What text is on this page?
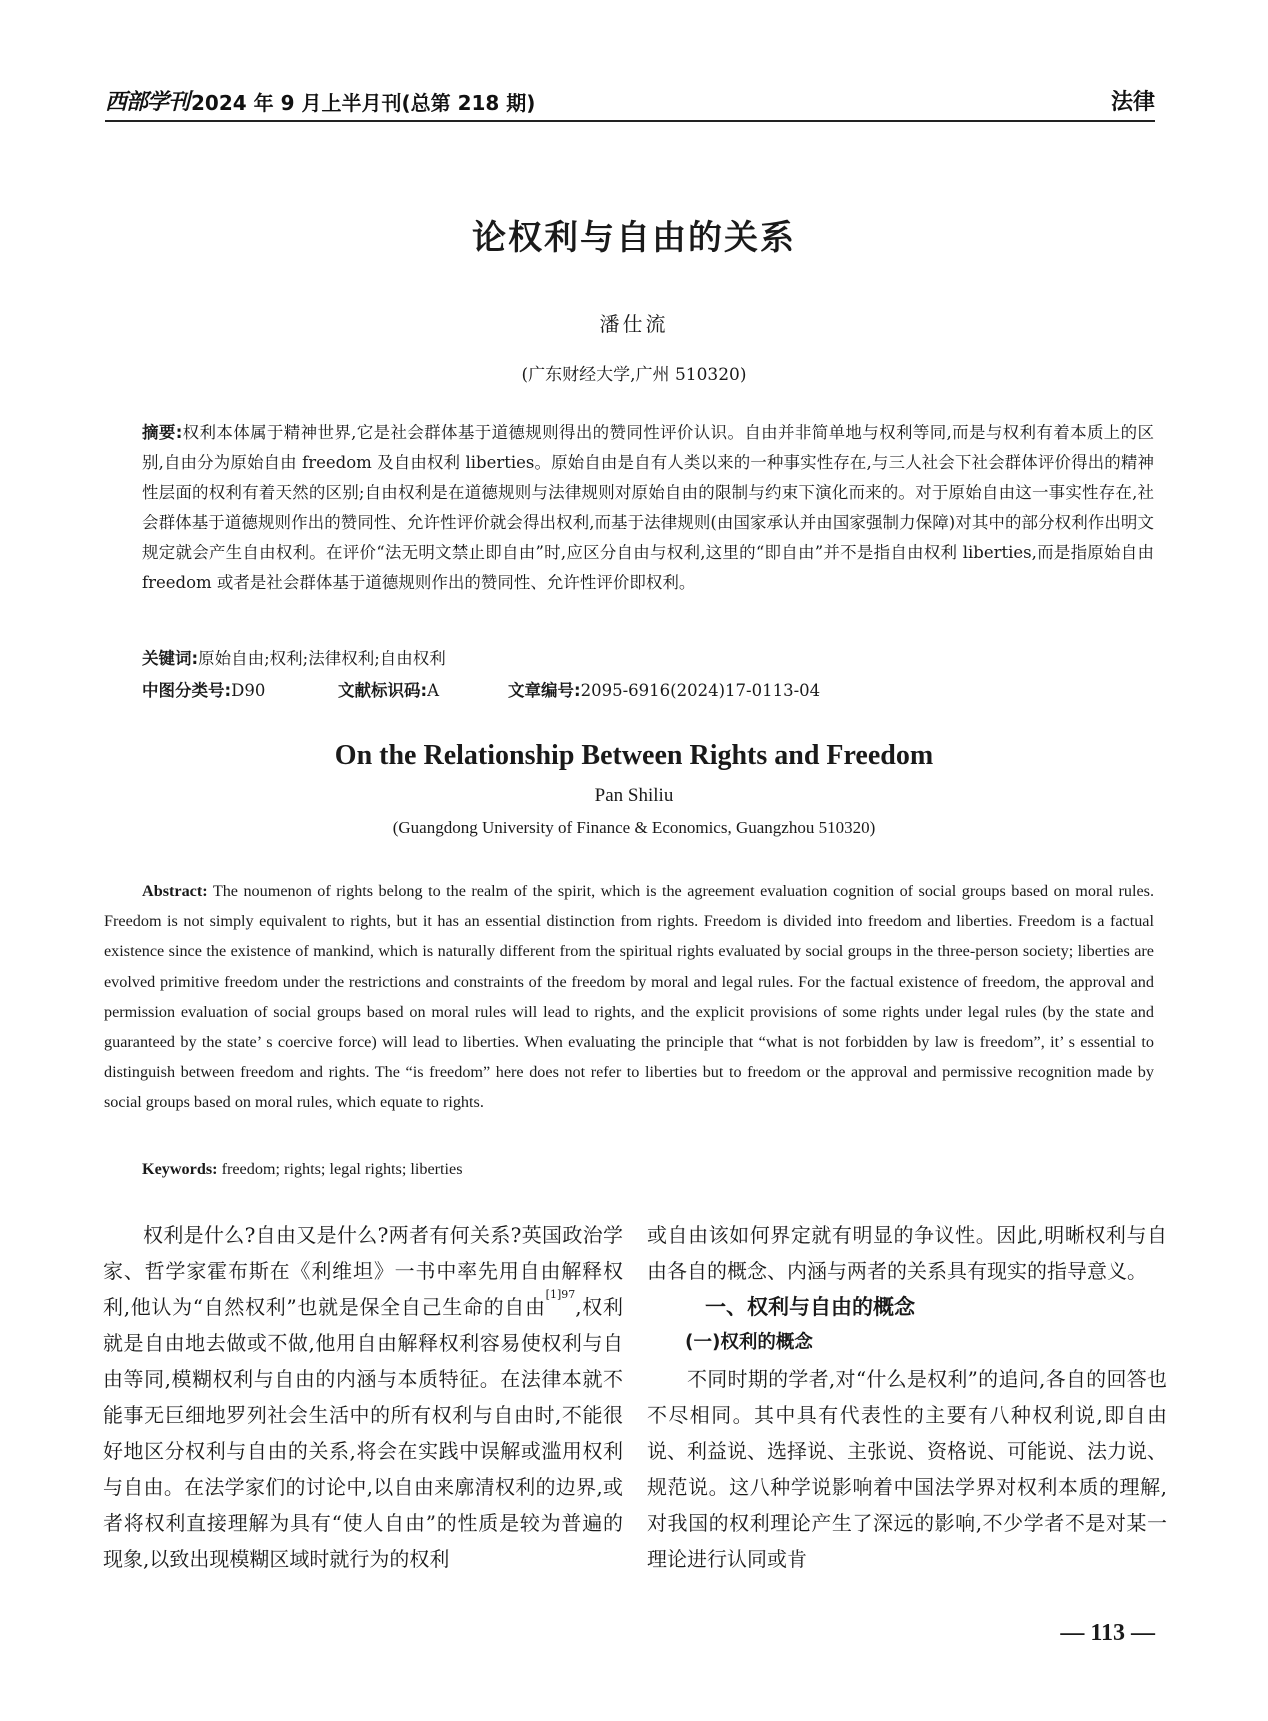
西部学刊 2024 年 9 月上半月刊(总第 218 期)	法律
论权利与自由的关系
潘仕流
(广东财经大学,广州 510320)
摘要:权利本体属于精神世界,它是社会群体基于道德规则得出的赞同性评价认识。自由并非简单地与权利等同,而是与权利有着本质上的区别,自由分为原始自由 freedom 及自由权利 liberties。原始自由是自有人类以来的一种事实性存在,与三人社会下社会群体评价得出的精神性层面的权利有着天然的区别;自由权利是在道德规则与法律规则对原始自由的限制与约束下演化而来的。对于原始自由这一事实性存在,社会群体基于道德规则作出的赞同性、允许性评价就会得出权利,而基于法律规则(由国家承认并由国家强制力保障)对其中的部分权利作出明文规定就会产生自由权利。在评价“法无明文禁止即自由”时,应区分自由与权利,这里的“即自由”并不是指自由权利 liberties,而是指原始自由 freedom 或者是社会群体基于道德规则作出的赞同性、允许性评价即权利。
关键词:原始自由;权利;法律权利;自由权利
中图分类号:D90	文献标识码:A	文章编号:2095-6916(2024)17-0113-04
On the Relationship Between Rights and Freedom
Pan Shiliu
(Guangdong University of Finance & Economics, Guangzhou 510320)
Abstract: The noumenon of rights belong to the realm of the spirit, which is the agreement evaluation cognition of social groups based on moral rules. Freedom is not simply equivalent to rights, but it has an essential distinction from rights. Freedom is divided into freedom and liberties. Freedom is a factual existence since the existence of mankind, which is naturally different from the spiritual rights evaluated by social groups in the three-person society; liberties are evolved primitive freedom under the restrictions and constraints of the freedom by moral and legal rules. For the factual existence of freedom, the approval and permission evaluation of social groups based on moral rules will lead to rights, and the explicit provisions of some rights under legal rules (by the state and guaranteed by the state’ s coercive force) will lead to liberties. When evaluating the principle that “what is not forbidden by law is freedom”, it’ s essential to distinguish between freedom and rights. The “is freedom” here does not refer to liberties but to freedom or the approval and permissive recognition made by social groups based on moral rules, which equate to rights.
Keywords: freedom; rights; legal rights; liberties

权利是什么?自由又是什么?两者有何关系?英国政治学家、哲学家霍布斯在《利维坦》一书中率先用自由解释权利,他认为“自然权利”也就是保全自己生命的自由$^{[1]97}$,权利就是自由地去做或不做,他用自由解释权利容易使权利与自由等同,模糊权利与自由的内涵与本质特征。在法律本就不能事无巨细地罗列社会生活中的所有权利与自由时,不能很好地区分权利与自由的关系,将会在实践中误解或滥用权利与自由。在法学家们的讨论中,以自由来廓清权利的边界,或者将权利直接理解为具有“使人自由”的性质是较为普遍的现象,以致出现模糊区域时就行为的权利

或自由该如何界定就有明显的争议性。因此,明晰权利与自由各自的概念、内涵与两者的关系具有现实的指导意义。

一、权利与自由的概念

(一)权利的概念

不同时期的学者,对“什么是权利”的追问,各自的回答也不尽相同。其中具有代表性的主要有八种权利说,即自由说、利益说、选择说、主张说、资格说、可能说、法力说、规范说。这八种学说影响着中国法学界对权利本质的理解,对我国的权利理论产生了深远的影响,不少学者不是对某一理论进行认同或肯

— 113 —
